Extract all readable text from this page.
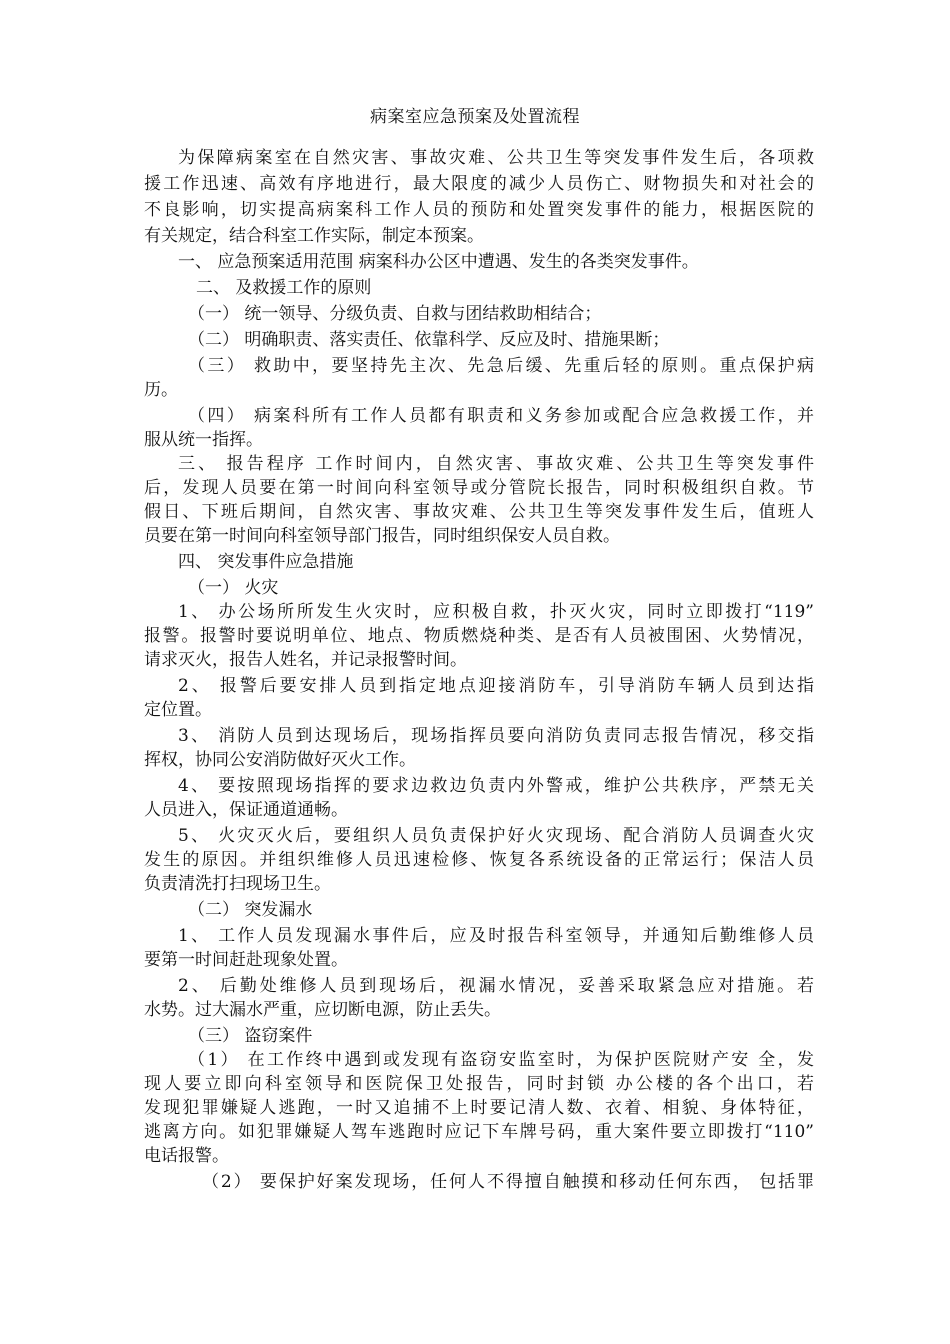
病案室应急预案及处置流程
为保障病案室在自然灾害、事故灾难、公共卫生等突发事件发生后，各项救
援工作迅速、高效有序地进行，最大限度的减少人员伤亡、财物损失和对社会的
不良影响，切实提高病案科工作人员的预防和处置突发事件的能力，根据医院的
有关规定，结合科室工作实际，制定本预案。
一、 应急预案适用范围 病案科办公区中遭遇、发生的各类突发事件。
二、 及救援工作的原则
（一） 统一领导、分级负责、自救与团结救助相结合；
（二） 明确职责、落实责任、依靠科学、反应及时、措施果断；
（三） 救助中，要坚持先主次、先急后缓、先重后轻的原则。重点保护病
历。
（四） 病案科所有工作人员都有职责和义务参加或配合应急救援工作，并
服从统一指挥。
三、 报告程序 工作时间内，自然灾害、事故灾难、公共卫生等突发事件
后，发现人员要在第一时间向科室领导或分管院长报告，同时积极组织自救。节
假日、下班后期间，自然灾害、事故灾难、公共卫生等突发事件发生后，值班人
员要在第一时间向科室领导部门报告，同时组织保安人员自救。
四、 突发事件应急措施
（一） 火灾
1、 办公场所所发生火灾时，应积极自救，扑灭火灾，同时立即拨打“119”
报警。报警时要说明单位、地点、物质燃烧种类、是否有人员被围困、火势情况，
请求灭火，报告人姓名，并记录报警时间。
2、 报警后要安排人员到指定地点迎接消防车，引导消防车辆人员到达指
定位置。
3、 消防人员到达现场后，现场指挥员要向消防负责同志报告情况，移交指
挥权，协同公安消防做好灭火工作。
4、 要按照现场指挥的要求边救边负责内外警戒，维护公共秩序，严禁无关
人员进入，保证通道通畅。
5、 火灾灭火后，要组织人员负责保护好火灾现场、配合消防人员调查火灾
发生的原因。并组织维修人员迅速检修、恢复各系统设备的正常运行；保洁人员
负责清洗打扫现场卫生。
（二） 突发漏水
1、 工作人员发现漏水事件后，应及时报告科室领导，并通知后勤维修人员
要第一时间赶赴现象处置。
2、 后勤处维修人员到现场后，视漏水情况，妥善采取紧急应对措施。若
水势。过大漏水严重，应切断电源，防止丢失。
（三） 盗窃案件
（1） 在工作终中遇到或发现有盗窃安监室时，为保护医院财产安 全，发
现人要立即向科室领导和医院保卫处报告，同时封锁 办公楼的各个出口，若
发现犯罪嫌疑人逃跑，一时又追捕不上时要记清人数、衣着、相貌、身体特征，
逃离方向。如犯罪嫌疑人驾车逃跑时应记下车牌号码，重大案件要立即拨打“110”
电话报警。
（2） 要保护好案发现场，任何人不得擅自触摸和移动任何东西， 包括罪
